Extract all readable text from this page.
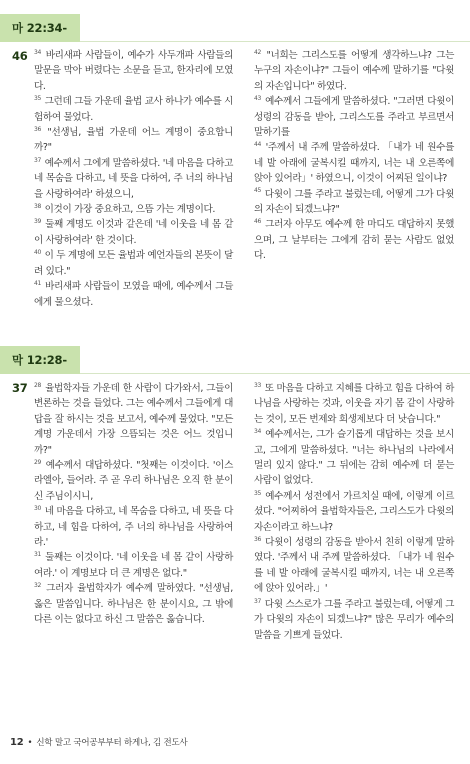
마 22:34-46	$^{34}$ 바리새파 사람들이, 예수가 사두개파 사람들의 말문을 막아 버렸다는 소문을 듣고, 한자리에 모였다.

$^{35}$ 그런데 그들 가운데 율법 교사 하나가 예수를 시험하여 물었다.

$^{36}$ "선생님, 율법 가운데 어느 계명이 중요합니까?"

$^{37}$ 예수께서 그에게 말씀하셨다. '네 마음을 다하고 네 목숨을 다하고, 네 뜻을 다하여, 주 너의 하나님을 사랑하여라' 하셨으니,

$^{38}$ 이것이 가장 중요하고, 으뜸 가는 계명이다.

$^{39}$ 둘째 계명도 이것과 같은데 '네 이웃을 네 몸 같이 사랑하여라' 한 것이다.

$^{40}$ 이 두 계명에 모든 율법과 예언자들의 본뜻이 달려 있다."

$^{41}$ 바리새파 사람들이 모였을 때에, 예수께서 그들에게 물으셨다.

$^{42}$ "너희는 그리스도를 어떻게 생각하느냐? 그는 누구의 자손이냐?" 그들이 예수께 말하기를 "다윗의 자손입니다" 하였다.

$^{43}$ 예수께서 그들에게 말씀하셨다. "그러면 다윗이 성령의 감동을 받아, 그리스도를 주라고 부르면서 말하기를

$^{44}$ '주께서 내 주께 말씀하셨다. 「내가 네 원수를 네 발 아래에 굴복시킬 때까지, 너는 내 오른쪽에 앉아 있어라」' 하였으니, 이것이 어찌된 일이냐?

$^{45}$ 다윗이 그를 주라고 불렀는데, 어떻게 그가 다윗의 자손이 되겠느냐?"

$^{46}$ 그러자 아무도 예수께 한 마디도 대답하지 못했으며, 그 날부터는 그에게 감히 묻는 사람도 없었다.

막 12:28-37	$^{28}$ 율법학자들 가운데 한 사람이 다가와서, 그들이 변론하는 것을 들었다. 그는 예수께서 그들에게 대답을 잘 하시는 것을 보고서, 예수께 물었다. "모든 계명 가운데서 가장 으뜸되는 것은 어느 것입니까?"

$^{29}$ 예수께서 대답하셨다. "첫째는 이것이다. '이스라엘아, 들어라. 주 곧 우리 하나님은 오직 한 분이신 주님이시니,

$^{30}$ 네 마음을 다하고, 네 목숨을 다하고, 네 뜻을 다하고, 네 힘을 다하여, 주 너의 하나님을 사랑하여라.'

$^{31}$ 둘째는 이것이다. '네 이웃을 네 몸 같이 사랑하여라.' 이 계명보다 더 큰 계명은 없다."

$^{32}$ 그러자 율법학자가 예수께 말하였다. "선생님, 옳은 말씀입니다. 하나님은 한 분이시요, 그 밖에 다른 이는 없다고 하신 그 말씀은 옳습니다.

$^{33}$ 또 마음을 다하고 지혜를 다하고 힘을 다하여 하나님을 사랑하는 것과, 이웃을 자기 몸 같이 사랑하는 것이, 모든 번제와 희생제보다 더 낫습니다."

$^{34}$ 예수께서는, 그가 슬기롭게 대답하는 것을 보시고, 그에게 말씀하셨다. "너는 하나님의 나라에서 멀리 있지 않다." 그 뒤에는 감히 예수께 더 묻는 사람이 없었다.

$^{35}$ 예수께서 성전에서 가르치실 때에, 이렇게 이르셨다. "어찌하여 율법학자들은, 그리스도가 다윗의 자손이라고 하느냐?

$^{36}$ 다윗이 성령의 감동을 받아서 친히 이렇게 말하였다. '주께서 내 주께 말씀하셨다. 「내가 네 원수를 네 발 아래에 굴복시킬 때까지, 너는 내 오른쪽에 앉아 있어라.」'

$^{37}$ 다윗 스스로가 그를 주라고 불렀는데, 어떻게 그가 다윗의 자손이 되겠느냐?" 많은 무리가 예수의 말씀을 기쁘게 들었다.

12 • 신학 말고 국어공부부터 하게나, 김 전도사
